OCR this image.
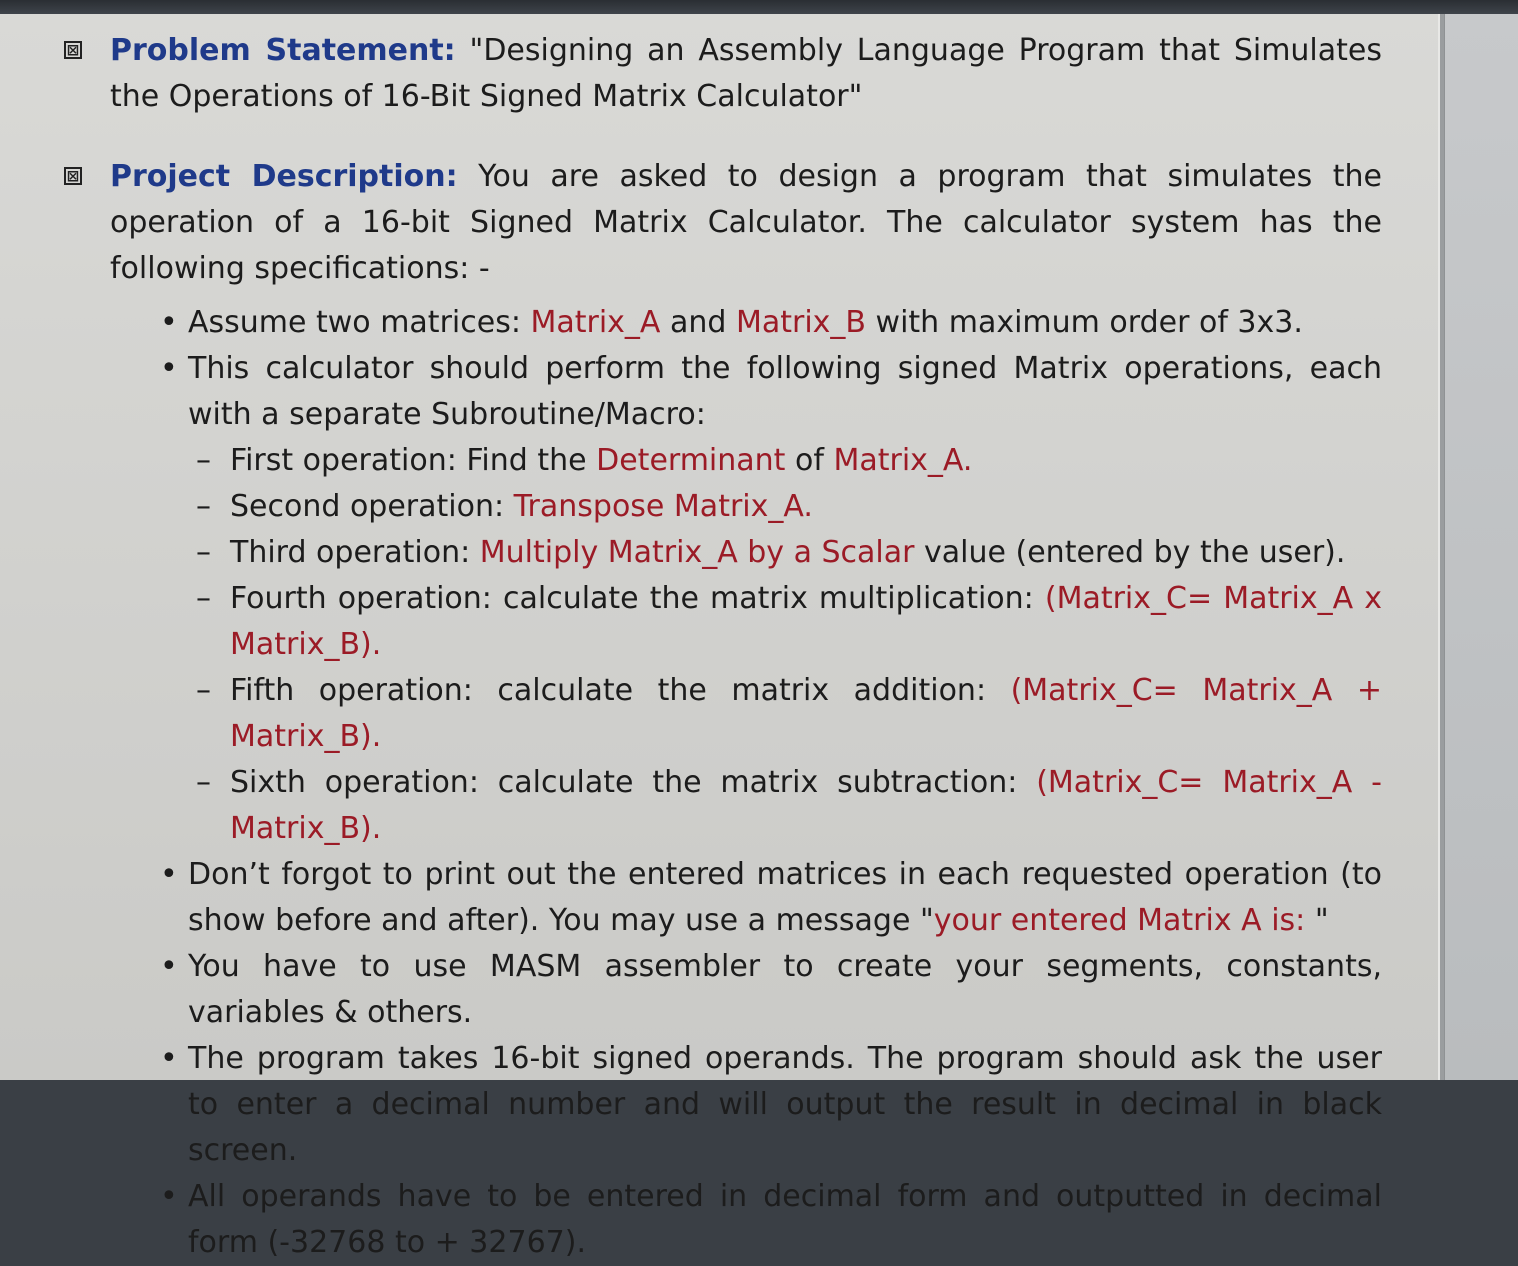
⊠ Problem Statement: "Designing an Assembly Language Program that Simulates the Operations of 16-Bit Signed Matrix Calculator"
⊠ Project Description: You are asked to design a program that simulates the operation of a 16-bit Signed Matrix Calculator. The calculator system has the following specifications: -
• Assume two matrices: Matrix_A and Matrix_B with maximum order of 3x3.
• This calculator should perform the following signed Matrix operations, each with a separate Subroutine/Macro:
– First operation: Find the Determinant of Matrix_A.
– Second operation: Transpose Matrix_A.
– Third operation: Multiply Matrix_A by a Scalar value (entered by the user).
– Fourth operation: calculate the matrix multiplication: (Matrix_C= Matrix_A x Matrix_B).
– Fifth operation: calculate the matrix addition: (Matrix_C= Matrix_A + Matrix_B).
– Sixth operation: calculate the matrix subtraction: (Matrix_C= Matrix_A - Matrix_B).
• Don’t forgot to print out the entered matrices in each requested operation (to show before and after). You may use a message "your entered Matrix A is: "
• You have to use MASM assembler to create your segments, constants, variables & others.
• The program takes 16-bit signed operands. The program should ask the user to enter a decimal number and will output the result in decimal in black screen.
• All operands have to be entered in decimal form and outputted in decimal form (-32768 to + 32767).
